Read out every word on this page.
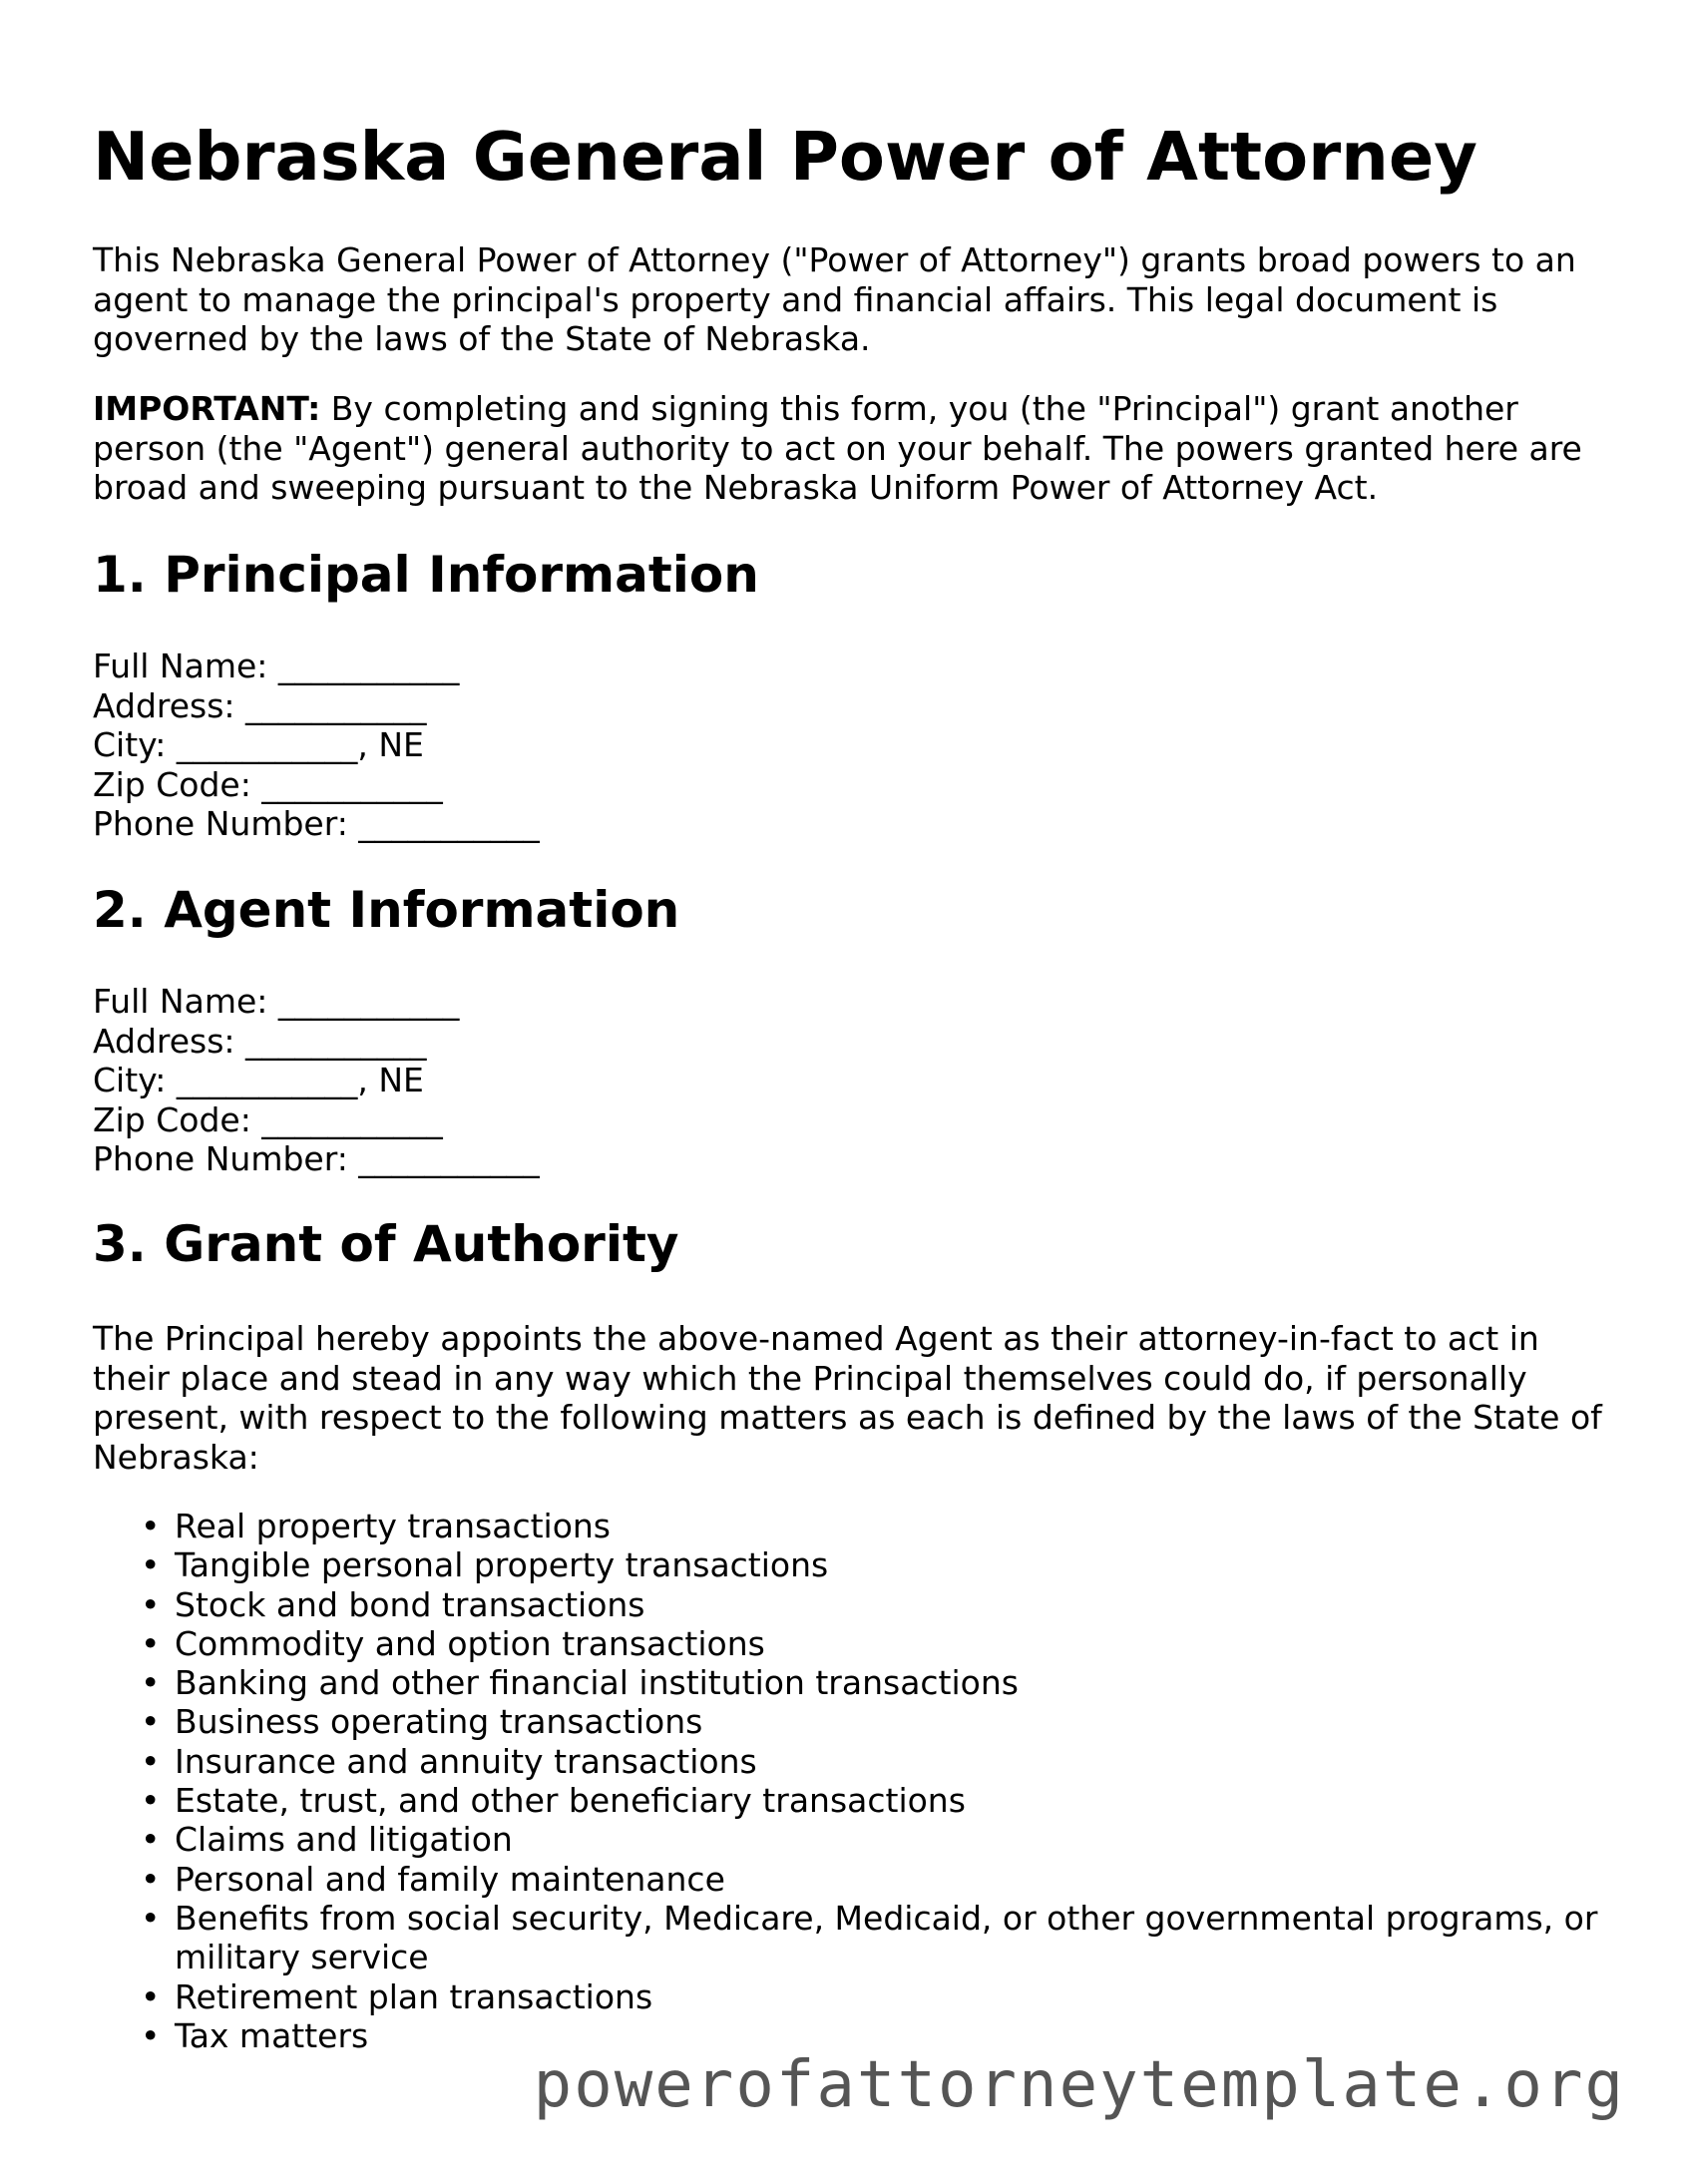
Nebraska General Power of Attorney

This Nebraska General Power of Attorney ("Power of Attorney") grants broad powers to an agent to manage the principal's property and financial affairs. This legal document is governed by the laws of the State of Nebraska.

IMPORTANT: By completing and signing this form, you (the "Principal") grant another person (the "Agent") general authority to act on your behalf. The powers granted here are broad and sweeping pursuant to the Nebraska Uniform Power of Attorney Act.

1. Principal Information
Full Name: ___________
Address: ___________
City: ___________, NE
Zip Code: ___________
Phone Number: ___________
2. Agent Information
Full Name: ___________
Address: ___________
City: ___________, NE
Zip Code: ___________
Phone Number: ___________
3. Grant of Authority

The Principal hereby appoints the above-named Agent as their attorney-in-fact to act in their place and stead in any way which the Principal themselves could do, if personally present, with respect to the following matters as each is defined by the laws of the State of Nebraska:

• Real property transactions
• Tangible personal property transactions
• Stock and bond transactions
• Commodity and option transactions
• Banking and other financial institution transactions
• Business operating transactions
• Insurance and annuity transactions
• Estate, trust, and other beneficiary transactions
• Claims and litigation
• Personal and family maintenance
• Benefits from social security, Medicare, Medicaid, or other governmental programs, or military service
• Retirement plan transactions
• Tax matters
powerofattorneytemplate.org
